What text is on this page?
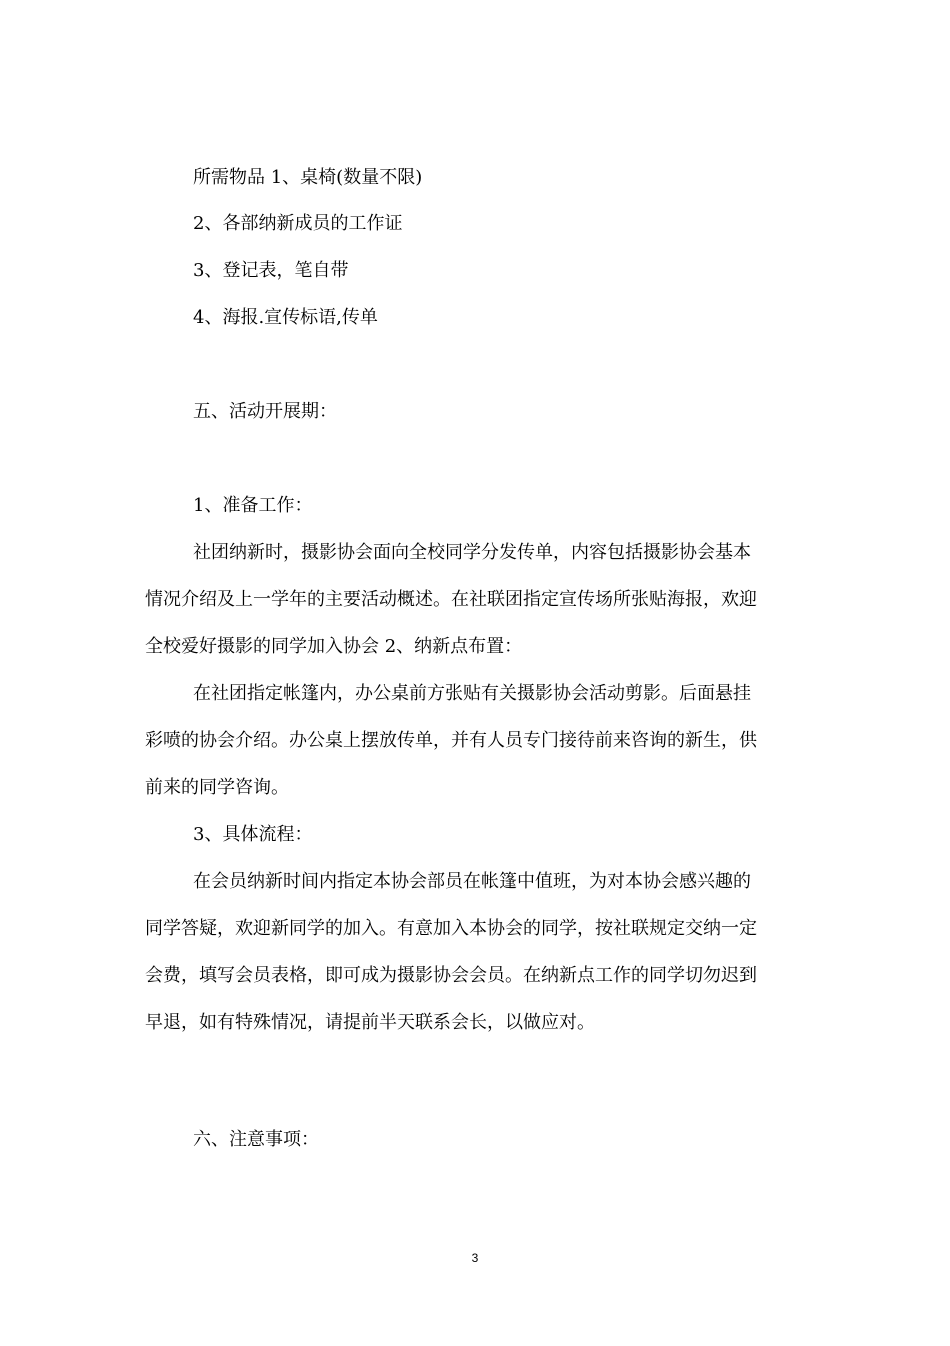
所需物品 1、桌椅(数量不限)
2、各部纳新成员的工作证
3、登记表，笔自带
4、海报.宣传标语,传单
五、活动开展期：
1、准备工作：
社团纳新时，摄影协会面向全校同学分发传单，内容包括摄影协会基本
情况介绍及上一学年的主要活动概述。在社联团指定宣传场所张贴海报，欢迎
全校爱好摄影的同学加入协会 2、纳新点布置：
在社团指定帐篷内，办公桌前方张贴有关摄影协会活动剪影。后面悬挂
彩喷的协会介绍。办公桌上摆放传单，并有人员专门接待前来咨询的新生，供
前来的同学咨询。
3、具体流程：
在会员纳新时间内指定本协会部员在帐篷中值班，为对本协会感兴趣的
同学答疑，欢迎新同学的加入。有意加入本协会的同学，按社联规定交纳一定
会费，填写会员表格，即可成为摄影协会会员。在纳新点工作的同学切勿迟到
早退，如有特殊情况，请提前半天联系会长，以做应对。
六、注意事项：
3
